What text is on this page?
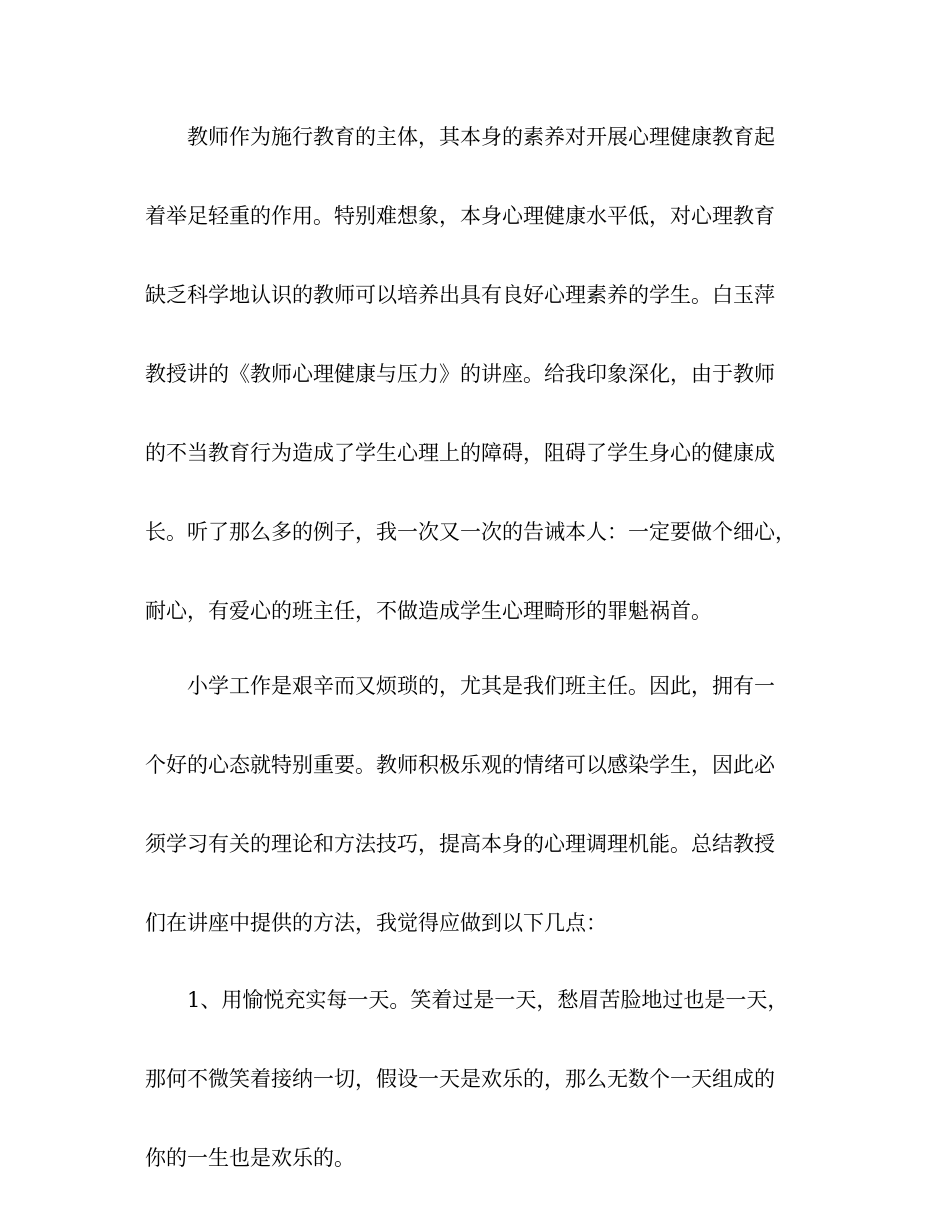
教师作为施行教育的主体，其本身的素养对开展心理健康教育起
着举足轻重的作用。特别难想象，本身心理健康水平低，对心理教育
缺乏科学地认识的教师可以培养出具有良好心理素养的学生。白玉萍
教授讲的《教师心理健康与压力》的讲座。给我印象深化，由于教师
的不当教育行为造成了学生心理上的障碍，阻碍了学生身心的健康成
长。听了那么多的例子，我一次又一次的告诫本人：一定要做个细心，
耐心，有爱心的班主任，不做造成学生心理畸形的罪魁祸首。
小学工作是艰辛而又烦琐的，尤其是我们班主任。因此，拥有一
个好的心态就特别重要。教师积极乐观的情绪可以感染学生，因此必
须学习有关的理论和方法技巧，提高本身的心理调理机能。总结教授
们在讲座中提供的方法，我觉得应做到以下几点：
1、用愉悦充实每一天。笑着过是一天，愁眉苦脸地过也是一天，
那何不微笑着接纳一切，假设一天是欢乐的，那么无数个一天组成的
你的一生也是欢乐的。
